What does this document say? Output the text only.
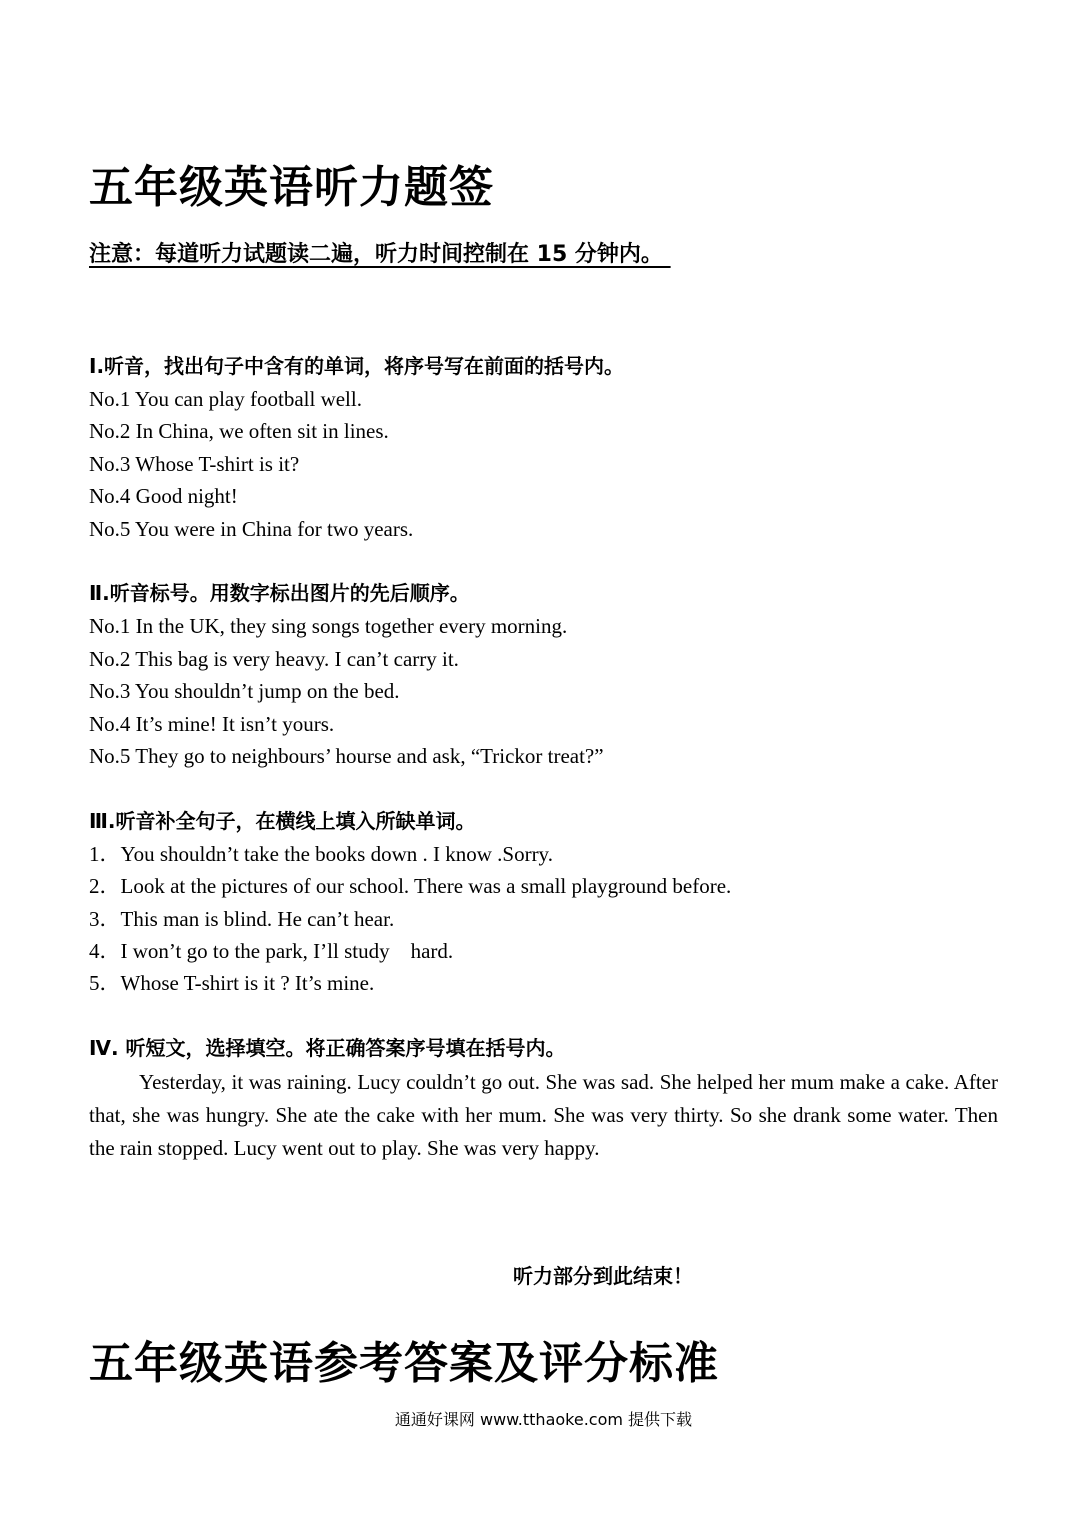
五年级英语听力题签

注意：每道听力试题读二遍，听力时间控制在 15 分钟内。

Ⅰ.听音，找出句子中含有的单词，将序号写在前面的括号内。

No.1 You can play football well.

No.2 In China, we often sit in lines.

No.3 Whose T-shirt is it?

No.4 Good night!

No.5 You were in China for two years.

Ⅱ.听音标号。用数字标出图片的先后顺序。

No.1 In the UK, they sing songs together every morning.

No.2 This bag is very heavy. I can’t carry it.

No.3 You shouldn’t jump on the bed.

No.4 It’s mine! It isn’t yours.

No.5 They go to neighbours’ hourse and ask, “Trickor treat?”

Ⅲ.听音补全句子，在横线上填入所缺单词。

1．You shouldn’t take the books down . I know .Sorry.

2．Look at the pictures of our school. There was a small playground before.

3．This man is blind. He can’t hear.

4．I won’t go to the park, I’ll study    hard.

5．Whose T-shirt is it ? It’s mine.

Ⅳ. 听短文，选择填空。将正确答案序号填在括号内。

Yesterday, it was raining. Lucy couldn’t go out. She was sad. She helped her mum make a cake. After that, she was hungry. She ate the cake with her mum. She was very thirty. So she drank some water. Then the rain stopped. Lucy went out to play. She was very happy.

听力部分到此结束！

五年级英语参考答案及评分标准

通通好课网 www.tthaoke.com 提供下载
